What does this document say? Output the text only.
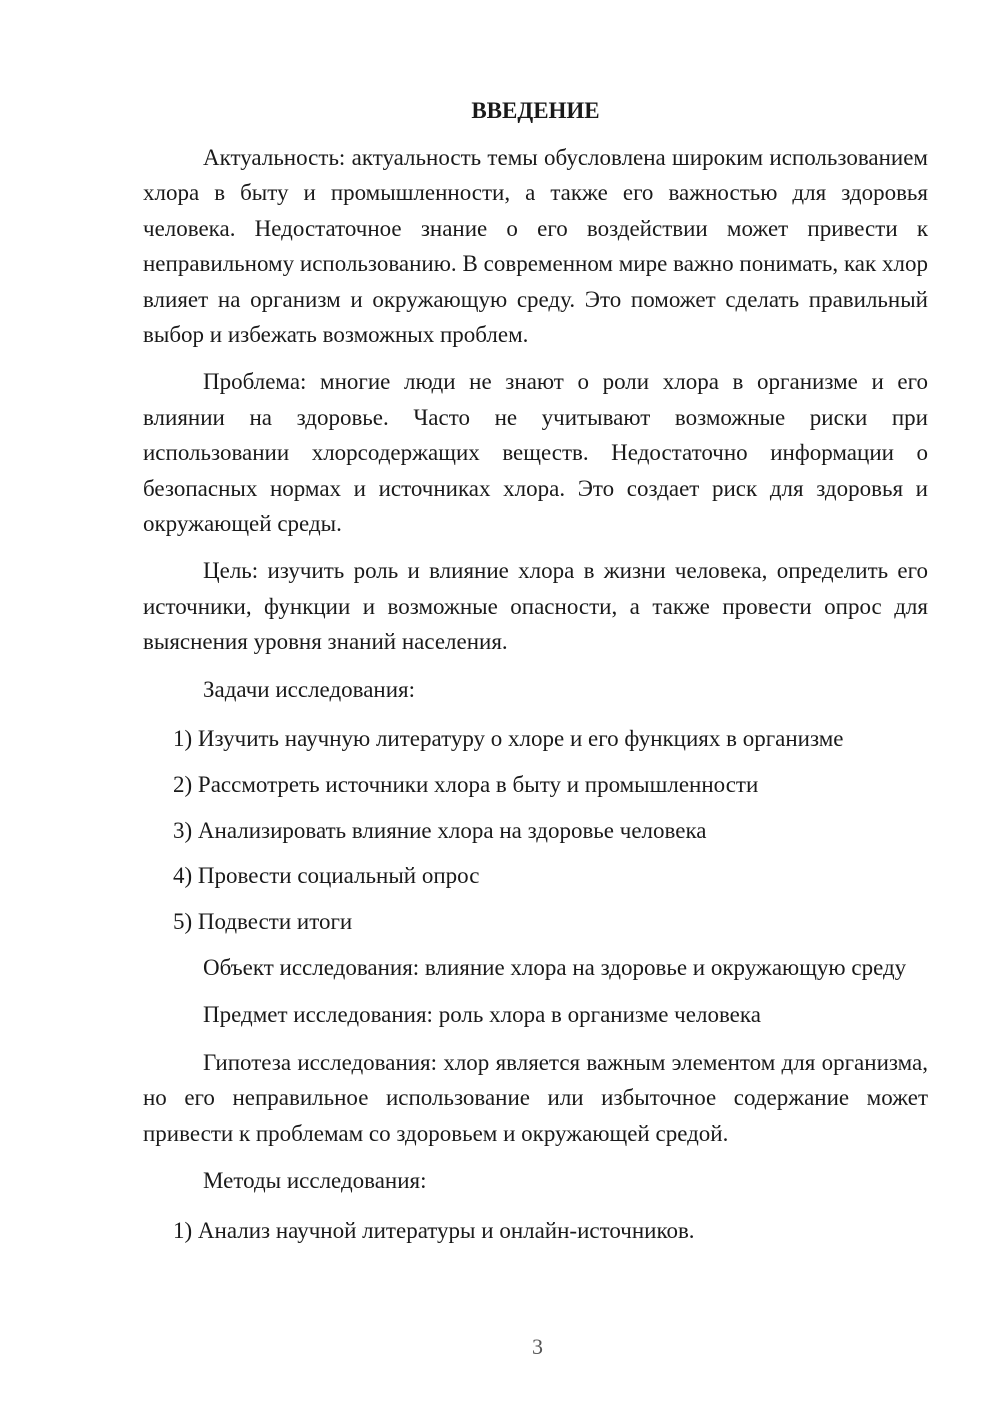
ВВЕДЕНИЕ

Актуальность: актуальность темы обусловлена широким использованием хлора в быту и промышленности, а также его важностью для здоровья человека. Недостаточное знание о его воздействии может привести к неправильному использованию. В современном мире важно понимать, как хлор влияет на организм и окружающую среду. Это поможет сделать правильный выбор и избежать возможных проблем.

Проблема: многие люди не знают о роли хлора в организме и его влиянии на здоровье. Часто не учитывают возможные риски при использовании хлорсодержащих веществ. Недостаточно информации о безопасных нормах и источниках хлора. Это создает риск для здоровья и окружающей среды.

Цель: изучить роль и влияние хлора в жизни человека, определить его источники, функции и возможные опасности, а также провести опрос для выяснения уровня знаний населения.

Задачи исследования:

1) Изучить научную литературу о хлоре и его функциях в организме
2) Рассмотреть источники хлора в быту и промышленности
3) Анализировать влияние хлора на здоровье человека
4) Провести социальный опрос
5) Подвести итоги

Объект исследования: влияние хлора на здоровье и окружающую среду

Предмет исследования: роль хлора в организме человека

Гипотеза исследования: хлор является важным элементом для организма, но его неправильное использование или избыточное содержание может привести к проблемам со здоровьем и окружающей средой.

Методы исследования:

1) Анализ научной литературы и онлайн-источников.
3
